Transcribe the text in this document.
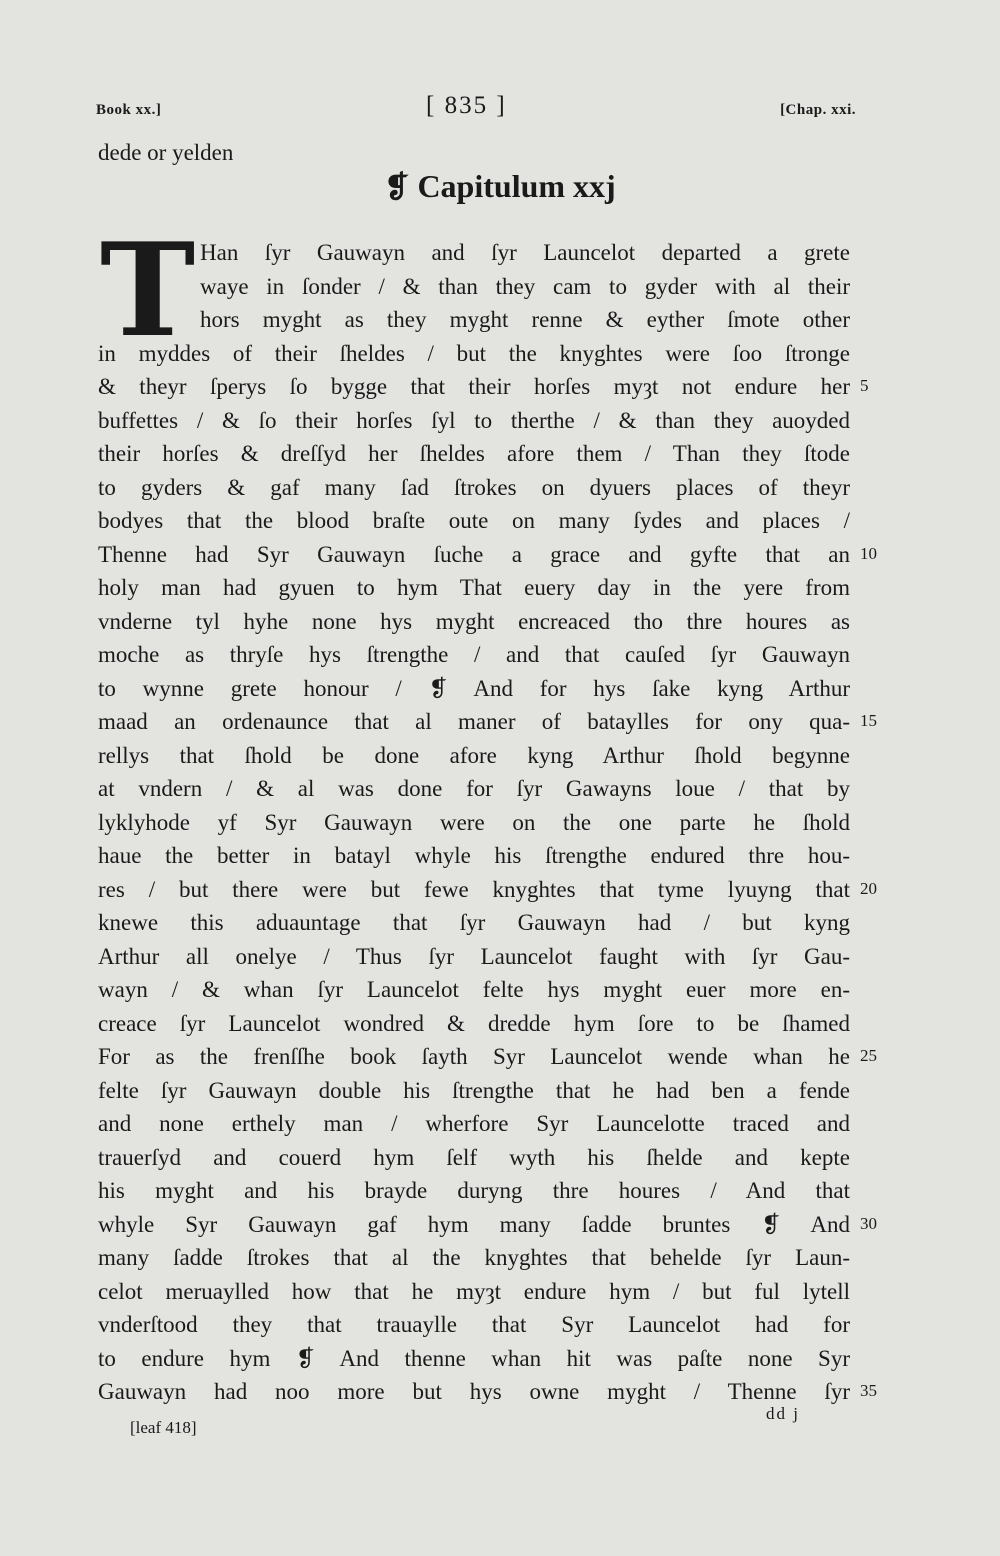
Book xx.]	[ 835 ]	[Chap. xxi.
dede or yelden
❡ Capitulum xxj
T Han ſyr Gauwayn and ſyr Launcelot departed a grete
waye in ſonder / & than they cam to gyder with al their
hors myght as they myght renne & eyther ſmote other
in myddes of their ſheldes / but the knyghtes were ſoo ſtronge
& theyr ſperys ſo bygge that their horſes myȝt not endure her
buffettes / & ſo their horſes ſyl to therthe / & than they auoyded
their horſes & dreſſyd her ſheldes afore them / Than they ſtode
to gyders & gaf many ſad ſtrokes on dyuers places of theyr
bodyes that the blood braſte oute on many ſydes and places /
Thenne had Syr Gauwayn ſuche a grace and gyfte that an
holy man had gyuen to hym That euery day in the yere from
vnderne tyl hyhe none hys myght encreaced tho thre houres as
moche as thryſe hys ſtrengthe / and that cauſed ſyr Gauwayn
to wynne grete honour / ❡ And for hys ſake kyng Arthur
maad an ordenaunce that al maner of bataylles for ony qua-
rellys that ſhold be done afore kyng Arthur ſhold begynne
at vndern / & al was done for ſyr Gawayns loue / that by
lyklyhode yf Syr Gauwayn were on the one parte he ſhold
haue the better in batayl whyle his ſtrengthe endured thre hou-
res / but there were but fewe knyghtes that tyme lyuyng that
knewe this aduauntage that ſyr Gauwayn had / but kyng
Arthur all onelye / Thus ſyr Launcelot faught with ſyr Gau-
wayn / & whan ſyr Launcelot felte hys myght euer more en-
creace ſyr Launcelot wondred & dredde hym ſore to be ſhamed
For as the frenſſhe book ſayth Syr Launcelot wende whan he
felte ſyr Gauwayn double his ſtrengthe that he had ben a fende
and none erthely man / wherfore Syr Launcelotte traced and
trauerſyd and couerd hym ſelf wyth his ſhelde and kepte
his myght and his brayde duryng thre houres / And that
whyle Syr Gauwayn gaf hym many ſadde bruntes ❡ And
many ſadde ſtrokes that al the knyghtes that behelde ſyr Laun-
celot meruaylled how that he myȝt endure hym / but ful lytell
vnderſtood they that trauaylle that Syr Launcelot had for
to endure hym ❡ And thenne whan hit was paſte none Syr
Gauwayn had noo more but hys owne myght / Thenne ſyr
5
10
15
20
25
30
35
[leaf 418]
dd j
